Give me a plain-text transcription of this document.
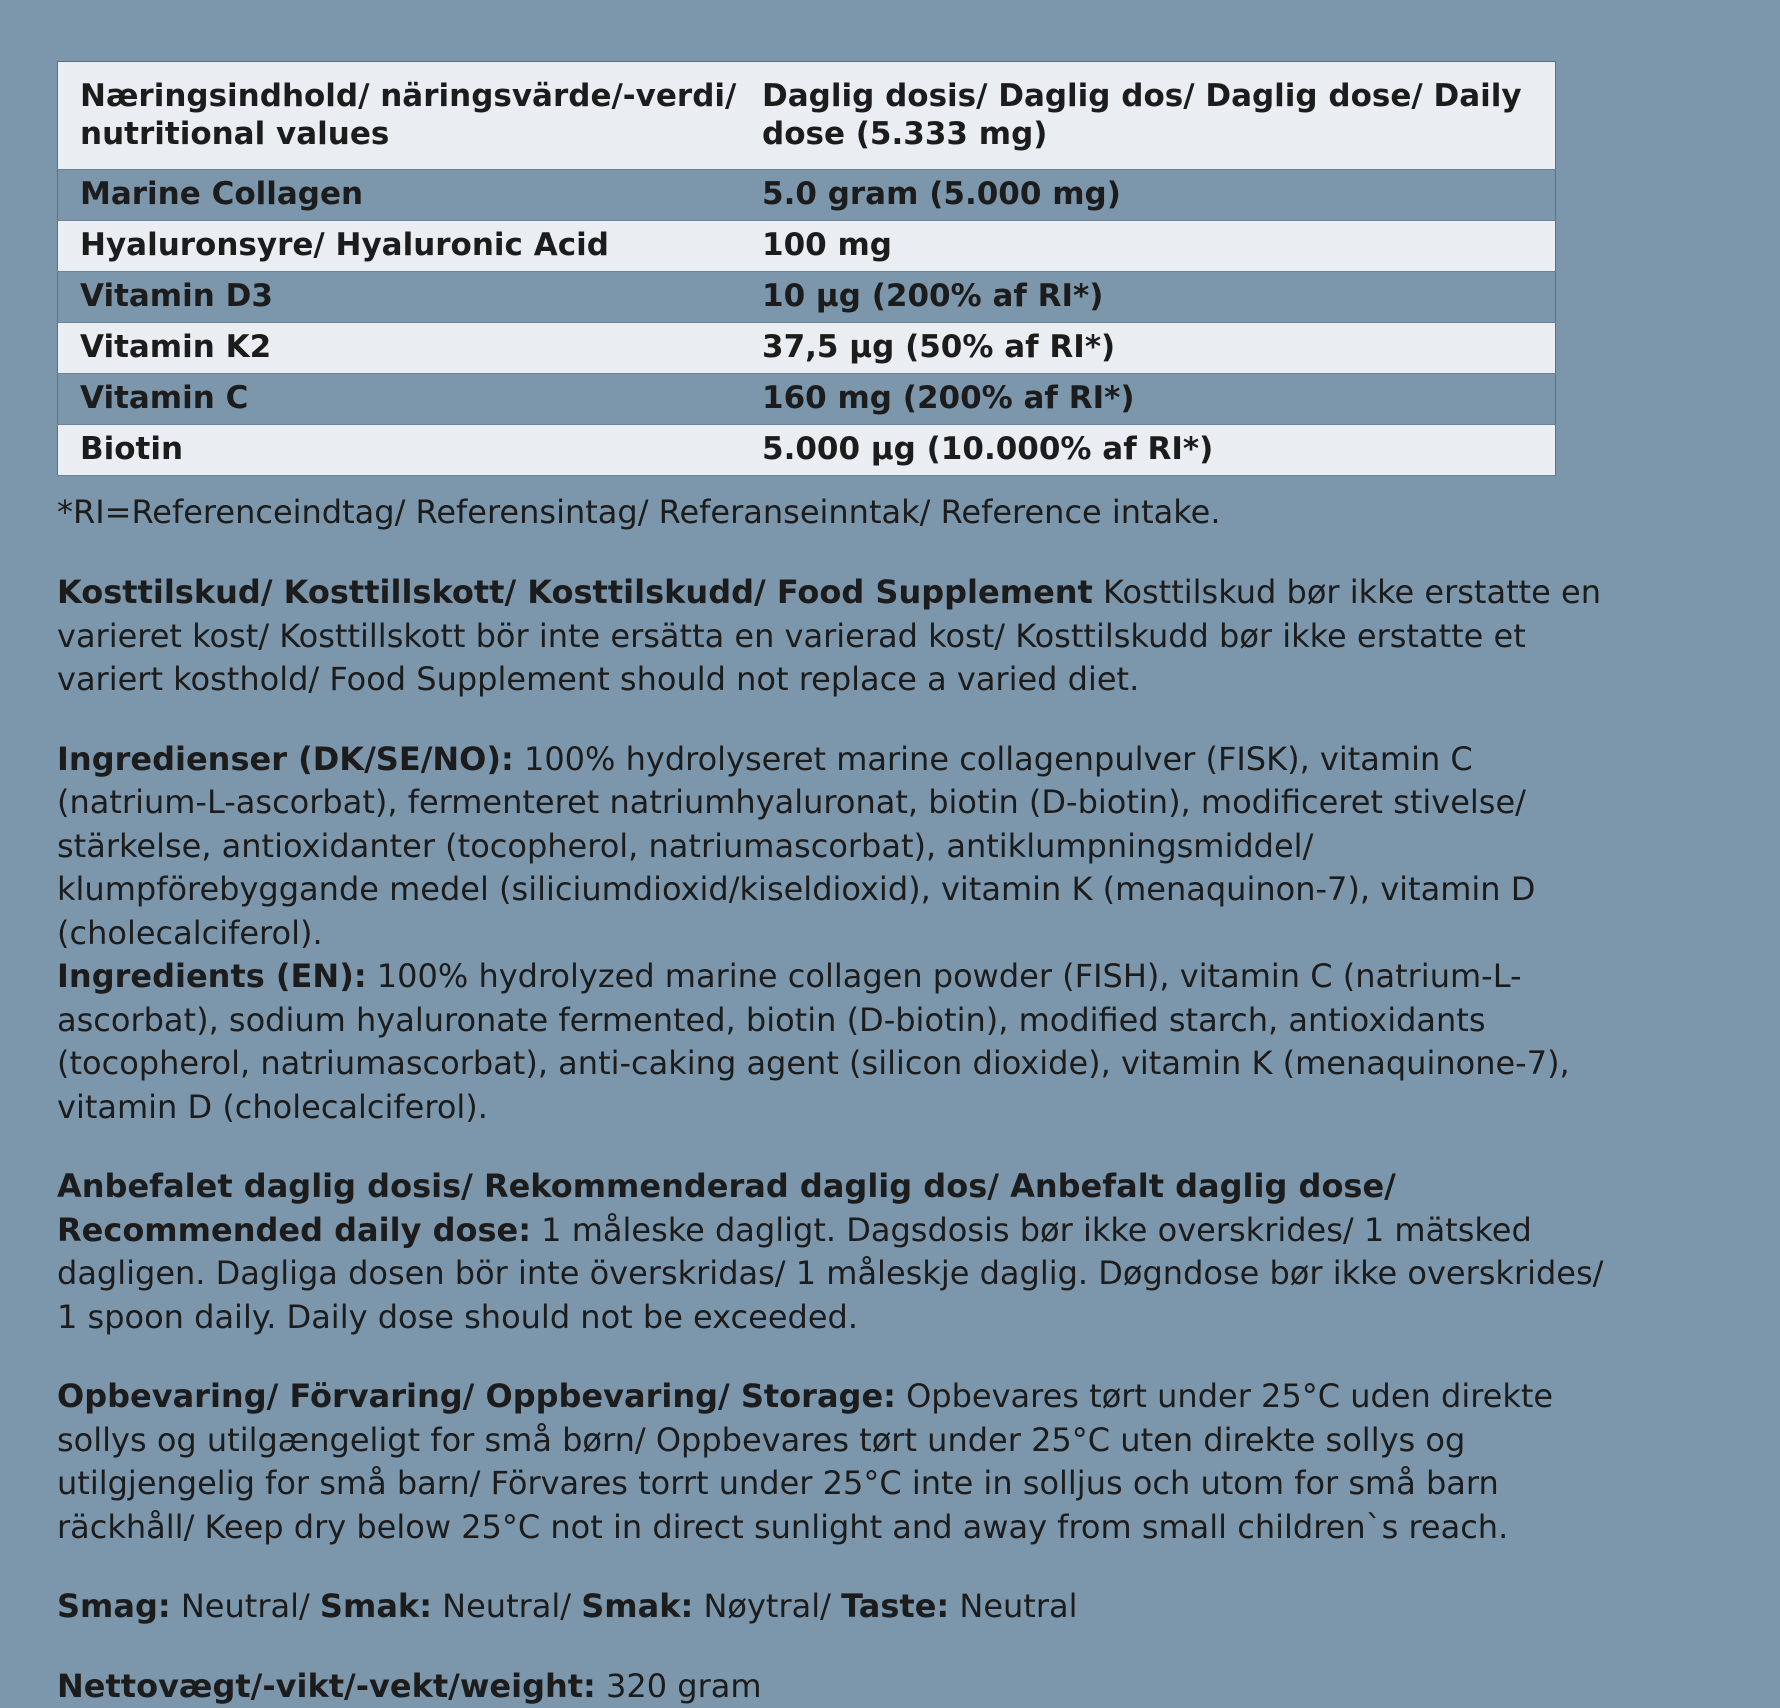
Næringsindhold/ näringsvärde/-verdi/ nutritional values	Daglig dosis/ Daglig dos/ Daglig dose/ Daily dose (5.333 mg)
Marine Collagen	5.0 gram (5.000 mg)
Hyaluronsyre/ Hyaluronic Acid	100 mg
Vitamin D3	10 µg (200% af RI*)
Vitamin K2	37,5 µg (50% af RI*)
Vitamin C	160 mg (200% af RI*)
Biotin	5.000 µg (10.000% af RI*)

*RI=Referenceindtag/ Referensintag/ Referanseinntak/ Reference intake.

Kosttilskud/ Kosttillskott/ Kosttilskudd/ Food Supplement Kosttilskud bør ikke erstatte en varieret kost/ Kosttillskott bör inte ersätta en varierad kost/ Kosttilskudd bør ikke erstatte et variert kosthold/ Food Supplement should not replace a varied diet.

Ingredienser (DK/SE/NO): 100% hydrolyseret marine collagenpulver (FISK), vitamin C (natrium-L-ascorbat), fermenteret natriumhyaluronat, biotin (D-biotin), modificeret stivelse/ stärkelse, antioxidanter (tocopherol, natriumascorbat), antiklumpningsmiddel/ klumpförebyggande medel (siliciumdioxid/kiseldioxid), vitamin K (menaquinon-7), vitamin D (cholecalciferol).
Ingredients (EN): 100% hydrolyzed marine collagen powder (FISH), vitamin C (natrium-L-ascorbat), sodium hyaluronate fermented, biotin (D-biotin), modified starch, antioxidants (tocopherol, natriumascorbat), anti-caking agent (silicon dioxide), vitamin K (menaquinone-7), vitamin D (cholecalciferol).

Anbefalet daglig dosis/ Rekommenderad daglig dos/ Anbefalt daglig dose/ Recommended daily dose: 1 måleske dagligt. Dagsdosis bør ikke overskrides/ 1 mätsked dagligen. Dagliga dosen bör inte överskridas/ 1 måleskje daglig. Døgndose bør ikke overskrides/ 1 spoon daily. Daily dose should not be exceeded.

Opbevaring/ Förvaring/ Oppbevaring/ Storage: Opbevares tørt under 25°C uden direkte sollys og utilgængeligt for små børn/ Oppbevares tørt under 25°C uten direkte sollys og utilgjengelig for små barn/ Förvares torrt under 25°C inte in solljus och utom for små barn räckhåll/ Keep dry below 25°C not in direct sunlight and away from small children`s reach.

Smag: Neutral/ Smak: Neutral/ Smak: Nøytral/ Taste: Neutral

Nettovægt/-vikt/-vekt/weight: 320 gram
